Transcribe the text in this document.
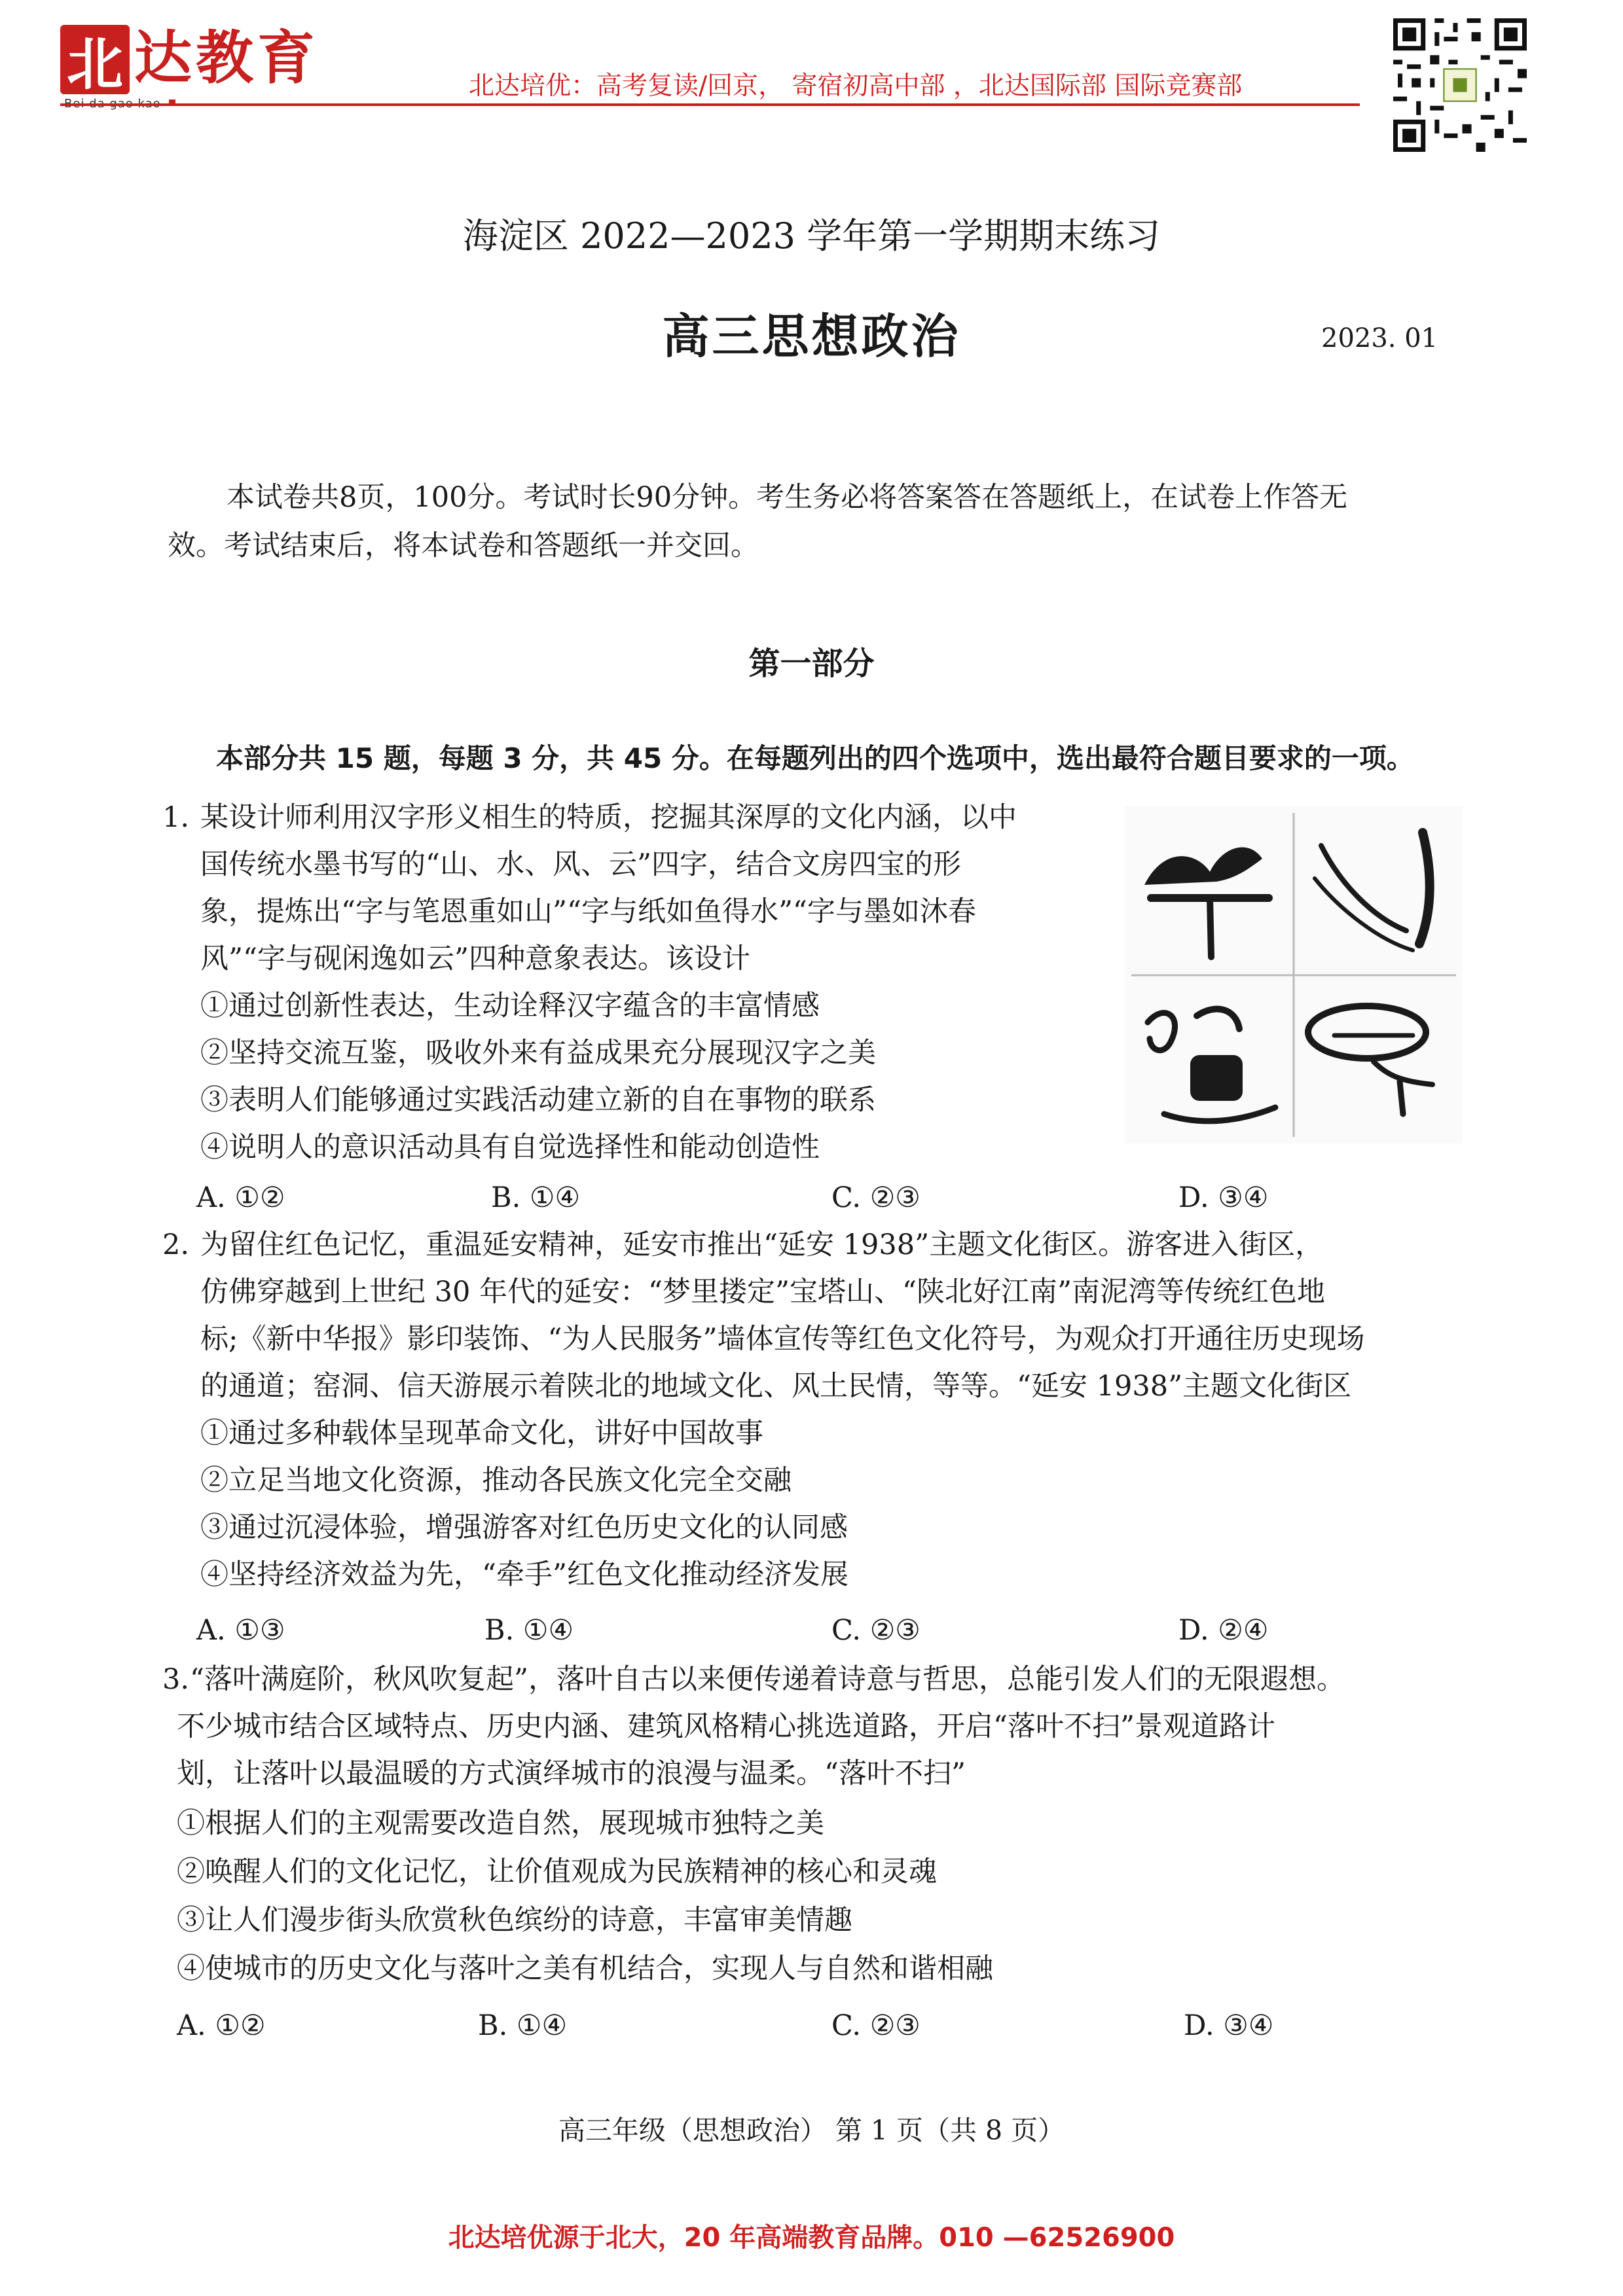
北 达教育	北达培优：高考复读/回京， 寄宿初高中部 ，北达国际部 国际竞赛部
海淀区 2022—2023 学年第一学期期末练习
高三思想政治	2023. 01
本试卷共8页，100分。考试时长90分钟。考生务必将答案答在答题纸上，在试卷上作答无
效。考试结束后，将本试卷和答题纸一并交回。
第一部分
本部分共 15 题，每题 3 分，共 45 分。在每题列出的四个选项中，选出最符合题目要求的一项。
1. 某设计师利用汉字形义相生的特质，挖掘其深厚的文化内涵，以中
国传统水墨书写的“山、水、风、云”四字，结合文房四宝的形
象，提炼出“字与笔恩重如山”“字与纸如鱼得水”“字与墨如沐春
风”“字与砚闲逸如云”四种意象表达。该设计
①通过创新性表达，生动诠释汉字蕴含的丰富情感
②坚持交流互鉴，吸收外来有益成果充分展现汉字之美
③表明人们能够通过实践活动建立新的自在事物的联系
④说明人的意识活动具有自觉选择性和能动创造性
A. ①②	B. ①④	C. ②③	D. ③④
2. 为留住红色记忆，重温延安精神，延安市推出“延安 1938”主题文化街区。游客进入街区，
仿佛穿越到上世纪 30 年代的延安：“梦里搂定”宝塔山、“陕北好江南”南泥湾等传统红色地
标;《新中华报》影印装饰、“为人民服务”墙体宣传等红色文化符号，为观众打开通往历史现场
的通道；窑洞、信天游展示着陕北的地域文化、风土民情，等等。“延安 1938”主题文化街区
①通过多种载体呈现革命文化，讲好中国故事
②立足当地文化资源，推动各民族文化完全交融
③通过沉浸体验，增强游客对红色历史文化的认同感
④坚持经济效益为先，“牵手”红色文化推动经济发展
A. ①③	B. ①④	C. ②③	D. ②④
3. “落叶满庭阶，秋风吹复起”，落叶自古以来便传递着诗意与哲思，总能引发人们的无限遐想。
不少城市结合区域特点、历史内涵、建筑风格精心挑选道路，开启“落叶不扫”景观道路计
划，让落叶以最温暖的方式演绎城市的浪漫与温柔。“落叶不扫”
①根据人们的主观需要改造自然，展现城市独特之美
②唤醒人们的文化记忆，让价值观成为民族精神的核心和灵魂
③让人们漫步街头欣赏秋色缤纷的诗意，丰富审美情趣
④使城市的历史文化与落叶之美有机结合，实现人与自然和谐相融
A. ①②	B. ①④	C. ②③	D. ③④
高三年级（思想政治） 第 1 页（共 8 页）
北达培优源于北大，20 年高端教育品牌。010 —62526900
